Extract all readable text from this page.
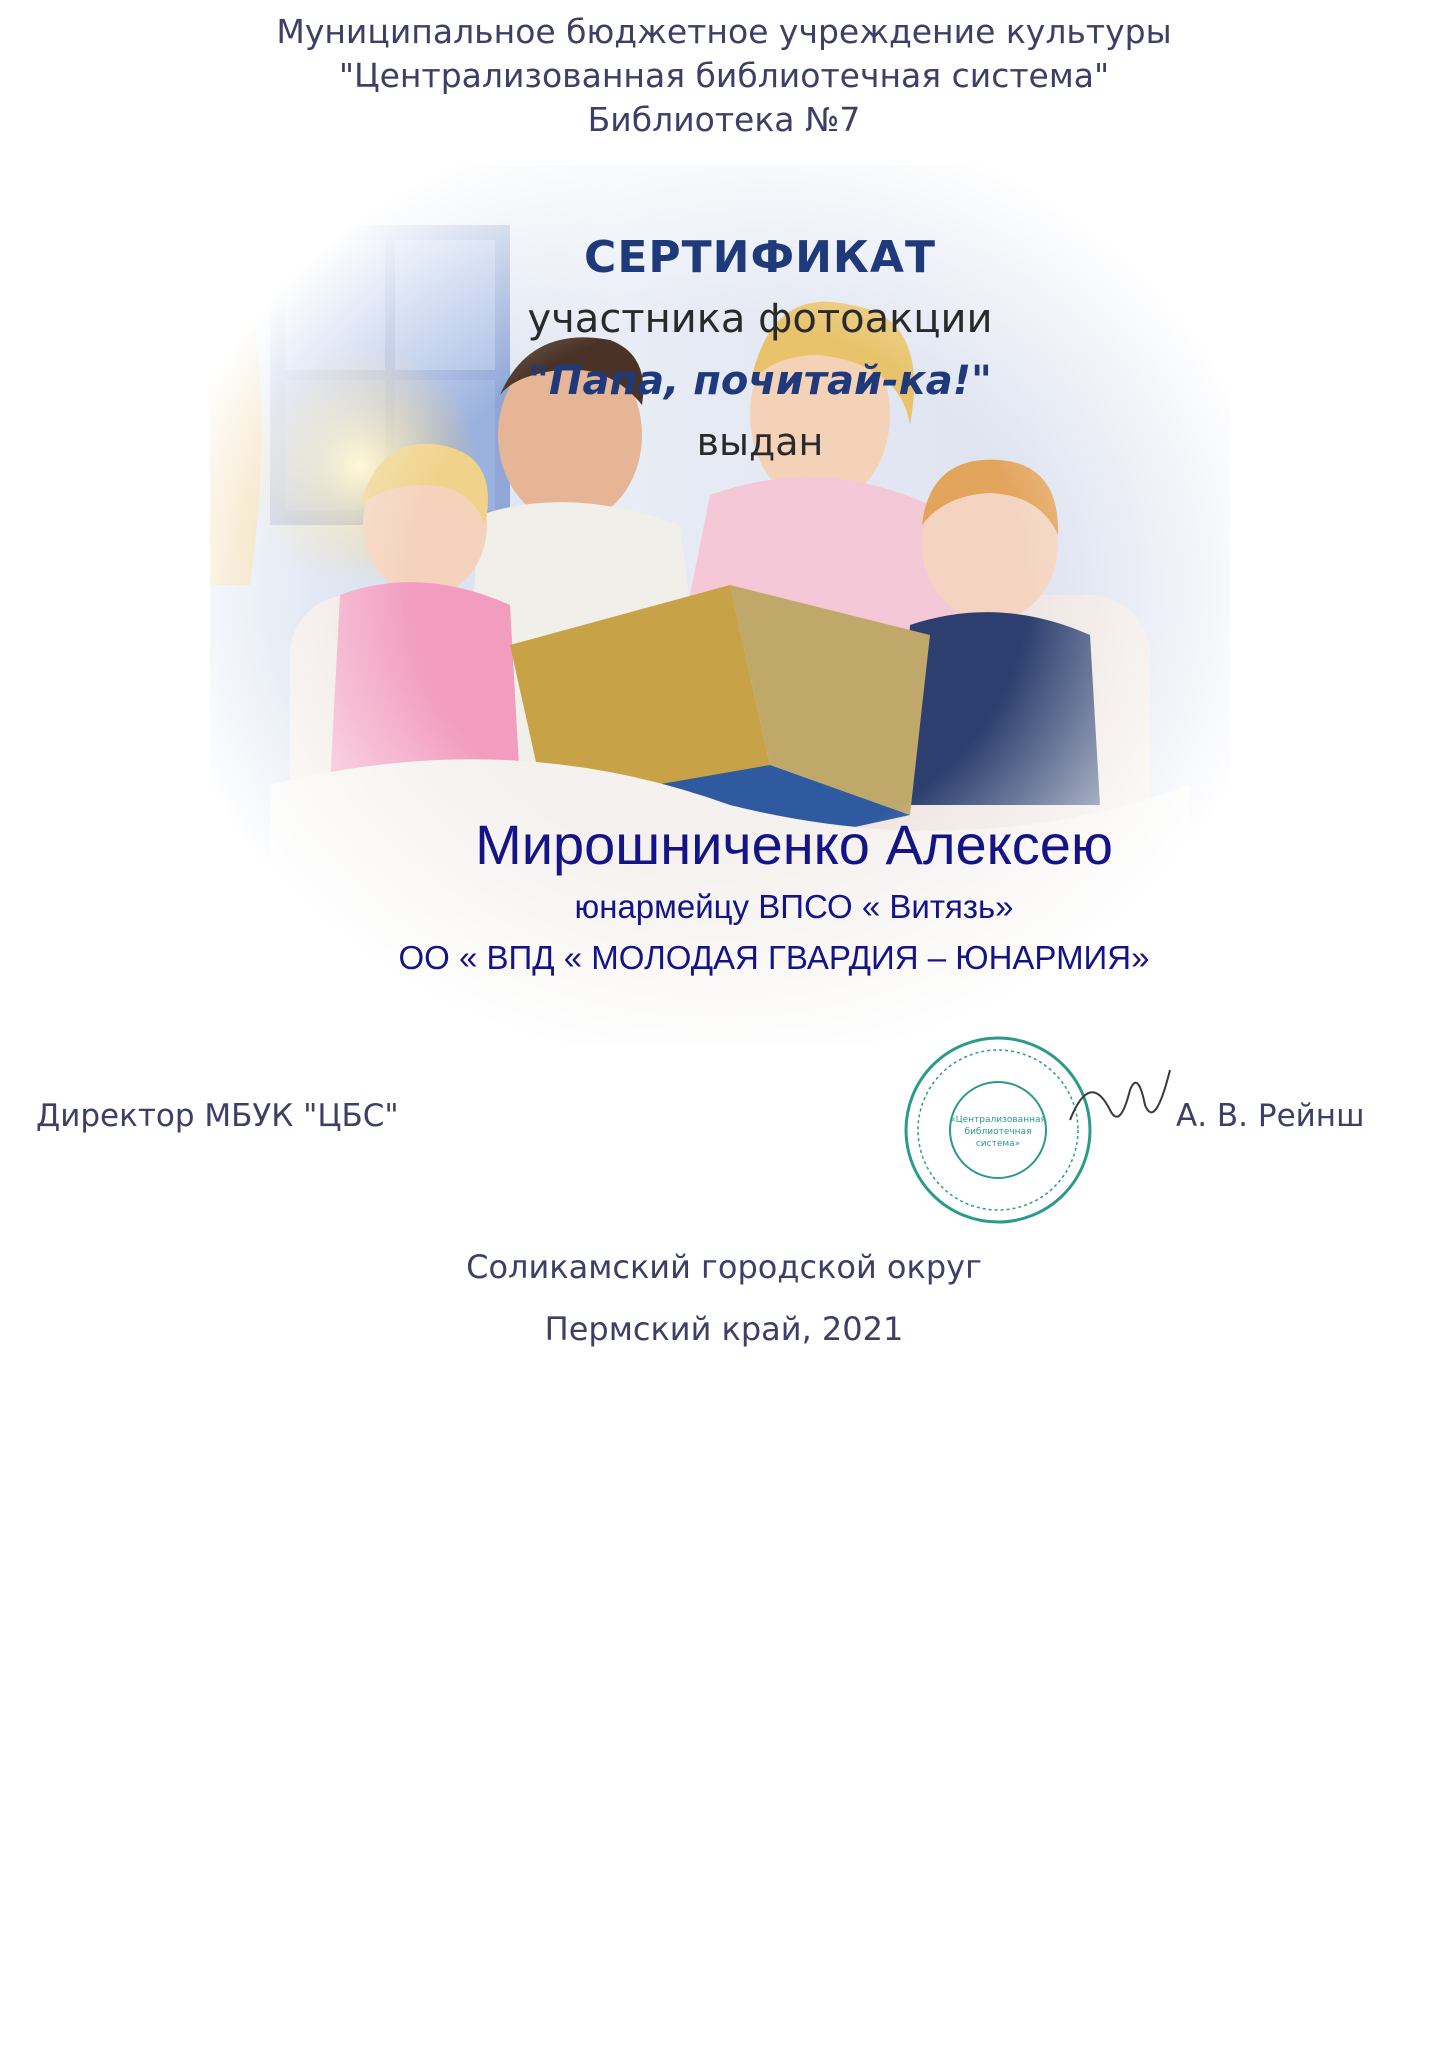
Муниципальное бюджетное учреждение культуры
"Централизованная библиотечная система"
Библиотека №7
СЕРТИФИКАТ
участника фотоакции
"Папа, почитай-ка!"
выдан
Мирошниченко Алексею
юнармейцу ВПСО « Витязь»
ОО « ВПД « МОЛОДАЯ ГВАРДИЯ – ЮНАРМИЯ»
Директор МБУК "ЦБС"	«Централизованная
библиотечная
система»
А. В. Рейнш
Соликамский городской округ
Пермский край, 2021
